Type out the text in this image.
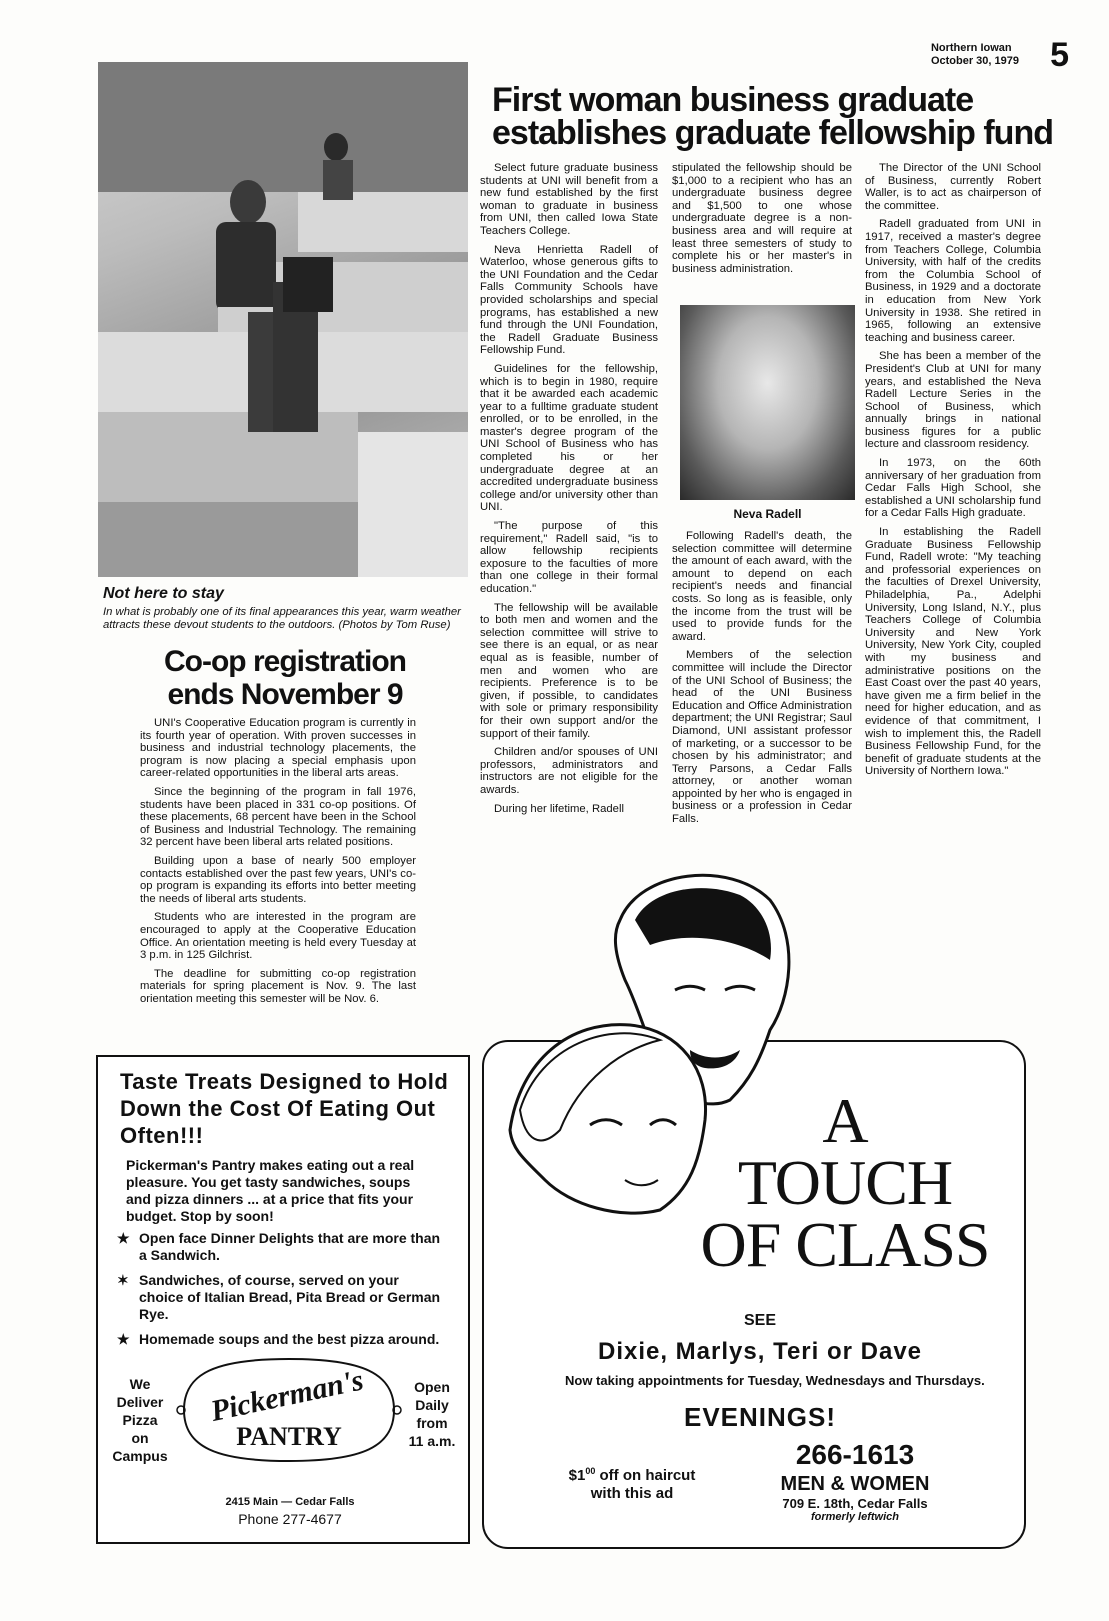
Northern Iowan
October 30, 1979 5
First woman business graduate
establishes graduate fellowship fund
Not here to stay
In what is probably one of its final appearances this year, warm weather attracts these devout students to the outdoors. (Photos by Tom Ruse)
Co-op registration
ends November 9

UNI's Cooperative Education program is currently in its fourth year of operation. With proven successes in business and industrial technology placements, the program is now placing a special emphasis upon career-related opportunities in the liberal arts areas.

Since the beginning of the program in fall 1976, students have been placed in 331 co-op positions. Of these placements, 68 percent have been in the School of Business and Industrial Technology. The remaining 32 percent have been liberal arts related positions.

Building upon a base of nearly 500 employer contacts established over the past few years, UNI's co-op program is expanding its efforts into better meeting the needs of liberal arts students.

Students who are interested in the program are encouraged to apply at the Cooperative Education Office. An orientation meeting is held every Tuesday at 3 p.m. in 125 Gilchrist.

The deadline for submitting co-op registration materials for spring placement is Nov. 9. The last orientation meeting this semester will be Nov. 6.

Select future graduate business students at UNI will benefit from a new fund established by the first woman to graduate in business from UNI, then called Iowa State Teachers College.

Neva Henrietta Radell of Waterloo, whose generous gifts to the UNI Foundation and the Cedar Falls Community Schools have provided scholarships and special programs, has established a new fund through the UNI Foundation, the Radell Graduate Business Fellowship Fund.

Guidelines for the fellowship, which is to begin in 1980, require that it be awarded each academic year to a fulltime graduate student enrolled, or to be enrolled, in the master's degree program of the UNI School of Business who has completed his or her undergraduate degree at an accredited undergraduate business college and/or university other than UNI.

"The purpose of this requirement," Radell said, "is to allow fellowship recipients exposure to the faculties of more than one college in their formal education."

The fellowship will be available to both men and women and the selection committee will strive to see there is an equal, or as near equal as is feasible, number of men and women who are recipients. Preference is to be given, if possible, to candidates with sole or primary responsibility for their own support and/or the support of their family.

Children and/or spouses of UNI professors, administrators and instructors are not eligible for the awards.

During her lifetime, Radell

stipulated the fellowship should be $1,000 to a recipient who has an undergraduate business degree and $1,500 to one whose undergraduate degree is a non-business area and will require at least three semesters of study to complete his or her master's in business administration.

Neva Radell

Following Radell's death, the selection committee will determine the amount of each award, with the amount to depend on each recipient's needs and financial costs. So long as is feasible, only the income from the trust will be used to provide funds for the award.

Members of the selection committee will include the Director of the UNI School of Business; the head of the UNI Business Education and Office Administration department; the UNI Registrar; Saul Diamond, UNI assistant professor of marketing, or a successor to be chosen by his administrator; and Terry Parsons, a Cedar Falls attorney, or another woman appointed by her who is engaged in business or a profession in Cedar Falls.

The Director of the UNI School of Business, currently Robert Waller, is to act as chairperson of the committee.

Radell graduated from UNI in 1917, received a master's degree from Teachers College, Columbia University, with half of the credits from the Columbia School of Business, in 1929 and a doctorate in education from New York University in 1938. She retired in 1965, following an extensive teaching and business career.

She has been a member of the President's Club at UNI for many years, and established the Neva Radell Lecture Series in the School of Business, which annually brings in national business figures for a public lecture and classroom residency.

In 1973, on the 60th anniversary of her graduation from Cedar Falls High School, she established a UNI scholarship fund for a Cedar Falls High graduate.

In establishing the Radell Graduate Business Fellowship Fund, Radell wrote: "My teaching and professorial experiences on the faculties of Drexel University, Philadelphia, Pa., Adelphi University, Long Island, N.Y., plus Teachers College of Columbia University and New York University, New York City, coupled with my business and administrative positions on the East Coast over the past 40 years, have given me a firm belief in the need for higher education, and as evidence of that commitment, I wish to implement this, the Radell Business Fellowship Fund, for the benefit of graduate students at the University of Northern Iowa."

Taste Treats Designed to Hold Down the Cost Of Eating Out Often!!!
Pickerman's Pantry makes eating out a real pleasure. You get tasty sandwiches, soups and pizza dinners ... at a price that fits your budget. Stop by soon!
★ Open face Dinner Delights that are more than a Sandwich.
✶ Sandwiches, of course, served on your choice of Italian Bread, Pita Bread or German Rye.
★ Homemade soups and the best pizza around.
We
Deliver
Pizza
on
Campus
Pickerman's
PANTRY
Open
Daily
from
11 a.m.
2415 Main — Cedar Falls
Phone 277-4677
A
TOUCH
OF CLASS
SEE
Dixie, Marlys, Teri or Dave
Now taking appointments for Tuesday, Wednesdays and Thursdays.
EVENINGS!
$\$1^{00}$ off on haircut
with this ad
266-1613
MEN & WOMEN
709 E. 18th, Cedar Falls
formerly leftwich
